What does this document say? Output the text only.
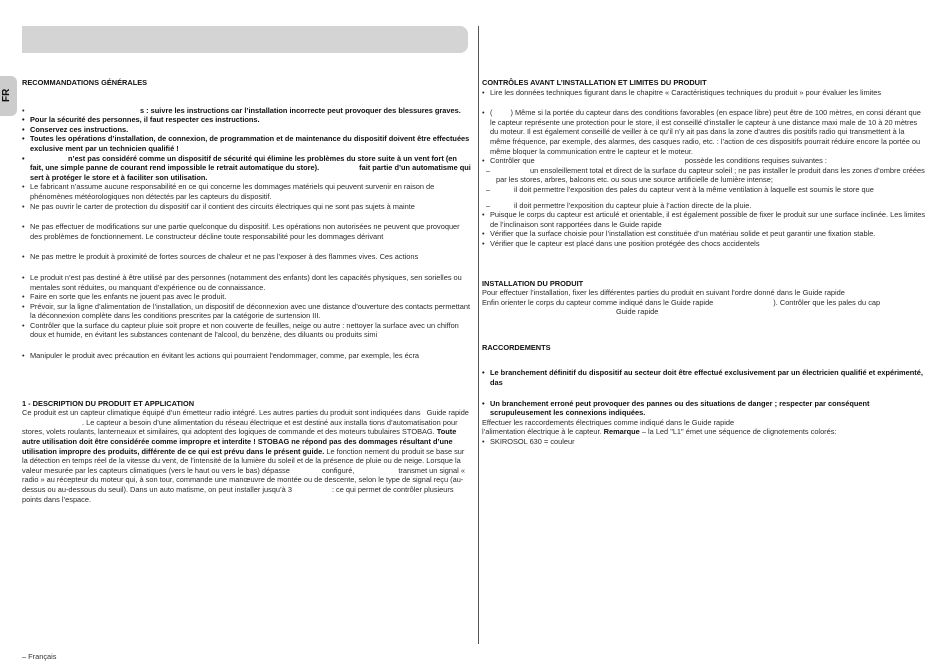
FR
RECOMMANDATIONS GÉNÉRALES
• s : suivre les instructions car l’installation incorrecte peut provoquer des blessures graves.
• Pour la sécurité des personnes, il faut respecter ces instructions.
• Conservez ces instructions.
• Toutes les opérations d’installation, de connexion, de programmation et de maintenance du dispositif doivent être effectuées exclusive ment par un technicien qualifié !
• n’est pas considéré comme un dispositif de sécurité qui élimine les problèmes du store suite à un vent fort (en fait, une simple panne de courant rend impossible le retrait automatique du store).	fait partie d’un automatisme qui sert à protéger le store et à faciliter son utilisation.
• Le fabricant n’assume aucune responsabilité en ce qui concerne les dommages matériels qui peuvent survenir en raison de phénomènes météorologiques non détectés par les capteurs du dispositif.
• Ne pas ouvrir le carter de protection du dispositif car il contient des circuits électriques qui ne sont pas sujets à mainte
• Ne pas effectuer de modifications sur une partie quelconque du dispositif. Les opérations non autorisées ne peuvent que provoquer des problèmes de fonctionnement. Le constructeur décline toute responsabilité pour les dommages dérivant
• Ne pas mettre le produit à proximité de fortes sources de chaleur et ne pas l’exposer à des flammes vives. Ces actions
• Le produit n’est pas destiné à être utilisé par des personnes (notamment des enfants) dont les capacités physiques, sen sorielles ou mentales sont réduites, ou manquant d’expérience ou de connaissance.
• Faire en sorte que les enfants ne jouent pas avec le produit.
• Prévoir, sur la ligne d’alimentation de l’installation, un dispositif de déconnexion avec une distance d’ouverture des contacts permettant la déconnexion complète dans les conditions prescrites par la catégorie de surtension III.
• Contrôler que la surface du capteur pluie soit propre et non couverte de feuilles, neige ou autre : nettoyer la surface avec un chiffon doux et humide, en évitant les substances contenant de l’alcool, du benzène, des diluants ou produits simi
• Manipuler le produit avec précaution en évitant les actions qui pourraient l’endommager, comme, par exemple, les écra
1 - DESCRIPTION DU PRODUIT ET APPLICATION

Ce produit est un capteur climatique équipé d’un émetteur radio intégré. Les autres parties du produit sont indiquées dans Guide rapide. Le capteur a besoin d’une alimentation du réseau électrique et est destiné aux installa tions d’automatisation pour stores, volets roulants, lanterneaux et similaires, qui adoptent des logiques de commande et des moteurs tubulaires STOBAG. Toute autre utilisation doit être considérée comme impropre et interdite ! STOBAG ne répond pas des dommages résultant d’une utilisation impropre des produits, différente de ce qui est prévu dans le présent guide. Le fonction nement du produit se base sur la détection en temps réel de la vitesse du vent, de l’intensité de la lumière du soleil et de la présence de pluie ou de neige. Lorsque la valeur mesurée par les capteurs climatiques (vers le haut ou vers le bas) dépasse	configuré,	transmet un signal « radio » au récepteur du moteur qui, à son tour, commande une manœuvre de montée ou de descente, selon le type de signal reçu (au-dessus ou au-dessous du seuil). Dans un auto matisme, on peut installer jusqu’à 3	: ce qui permet de contrôler plusieurs points dans l’espace.

CONTRÔLES AVANT L’INSTALLATION ET LIMITES DU PRODUIT
• Lire les données techniques figurant dans le chapitre « Caractéristiques techniques du produit » pour évaluer les limites
• ( ) Même si la portée du capteur dans des conditions favorables (en espace libre) peut être de 100 mètres, en consi dérant que le capteur représente une protection pour le store, il est conseillé d’installer le capteur à une distance maxi male de 10 à 20 mètres du moteur. Il est également conseillé de veiller à ce qu’il n’y ait pas dans la zone d’autres dis positifs radio qui transmettent à la même fréquence, par exemple, des alarmes, des casques radio, etc. : l’action de ces dispositifs pourrait réduire encore la portée ou même bloquer la communication entre le capteur et le moteur.
• Contrôler que	possède les conditions requises suivantes :
– un ensoleillement total et direct de la surface du capteur soleil ; ne pas installer le produit dans les zones d’ombre créées par les stores, arbres, balcons etc. ou sous une source artificielle de lumière intense;
– il doit permettre l’exposition des pales du capteur vent à la même ventilation à laquelle est soumis le store que
– il doit permettre l’exposition du capteur pluie à l’action directe de la pluie.
• Puisque le corps du capteur est articulé et orientable, il est également possible de fixer le produit sur une surface inclinée. Les limites de l’inclinaison sont rapportées dans le Guide rapide
• Vérifier que la surface choisie pour l’installation est constituée d’un matériau solide et peut garantir une fixation stable.
• Vérifier que le capteur est placé dans une position protégée des chocs accidentels
INSTALLATION DU PRODUIT

Pour effectuer l’installation, fixer les différentes parties du produit en suivant l’ordre donné dans le Guide rapide

Enfin orienter le corps du capteur comme indiqué dans le Guide rapide	). Contrôler que les pales du cap

Guide rapide

RACCORDEMENTS
• Le branchement définitif du dispositif au secteur doit être effectué exclusivement par un électricien qualifié et expérimenté, das
• Un branchement erroné peut provoquer des pannes ou des situations de danger ; respecter par conséquent scrupuleusement les connexions indiquées.

Effectuer les raccordements électriques comme indiqué dans le Guide rapide

l’alimentation électrique à le capteur. Remarque – la Led "L1" émet une séquence de clignotements colorés:

• SKIROSOL 630 = couleur
– Français
